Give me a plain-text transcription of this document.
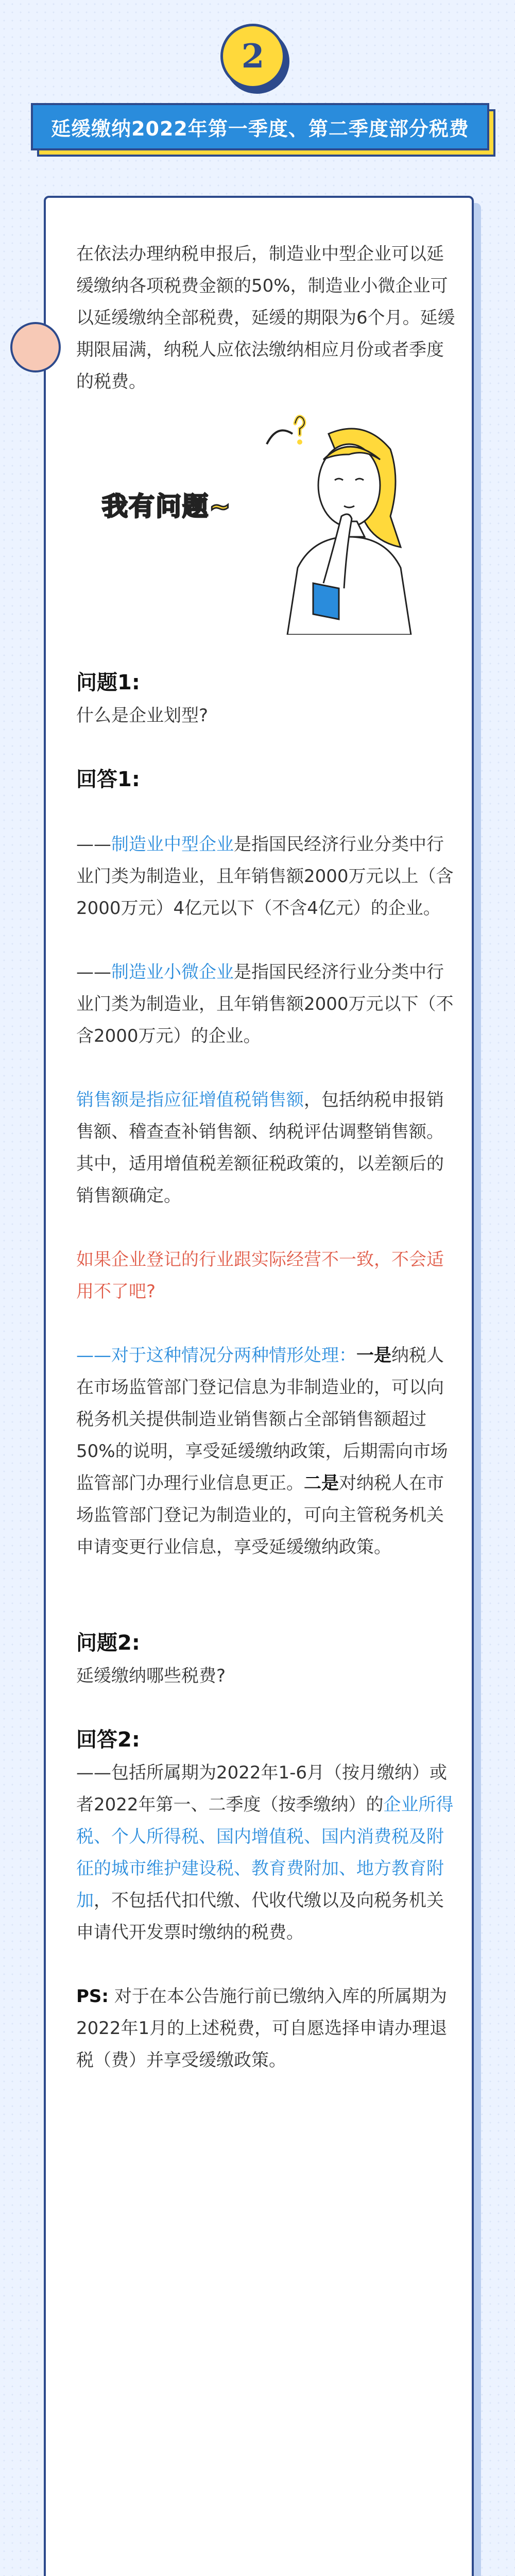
2
延缓缴纳2022年第一季度、第二季度部分税费

在依法办理纳税申报后，制造业中型企业可以延缓缴纳各项税费金额的50%，制造业小微企业可以延缓缴纳全部税费，延缓的期限为6个月。延缓期限届满，纳税人应依法缴纳相应月份或者季度的税费。

我有问题~

问题1:

什么是企业划型?

回答1:

——制造业中型企业是指国民经济行业分类中行业门类为制造业，且年销售额2000万元以上（含2000万元）4亿元以下（不含4亿元）的企业。

——制造业小微企业是指国民经济行业分类中行业门类为制造业，且年销售额2000万元以下（不含2000万元）的企业。

销售额是指应征增值税销售额，包括纳税申报销售额、稽查查补销售额、纳税评估调整销售额。其中，适用增值税差额征税政策的，以差额后的销售额确定。

如果企业登记的行业跟实际经营不一致，不会适用不了吧?

——对于这种情况分两种情形处理：一是纳税人在市场监管部门登记信息为非制造业的，可以向税务机关提供制造业销售额占全部销售额超过50%的说明，享受延缓缴纳政策，后期需向市场监管部门办理行业信息更正。二是对纳税人在市场监管部门登记为制造业的，可向主管税务机关申请变更行业信息，享受延缓缴纳政策。

问题2:

延缓缴纳哪些税费?

回答2:

——包括所属期为2022年1-6月（按月缴纳）或者2022年第一、二季度（按季缴纳）的企业所得税、个人所得税、国内增值税、国内消费税及附征的城市维护建设税、教育费附加、地方教育附加，不包括代扣代缴、代收代缴以及向税务机关申请代开发票时缴纳的税费。

PS: 对于在本公告施行前已缴纳入库的所属期为2022年1月的上述税费，可自愿选择申请办理退税（费）并享受缓缴政策。
